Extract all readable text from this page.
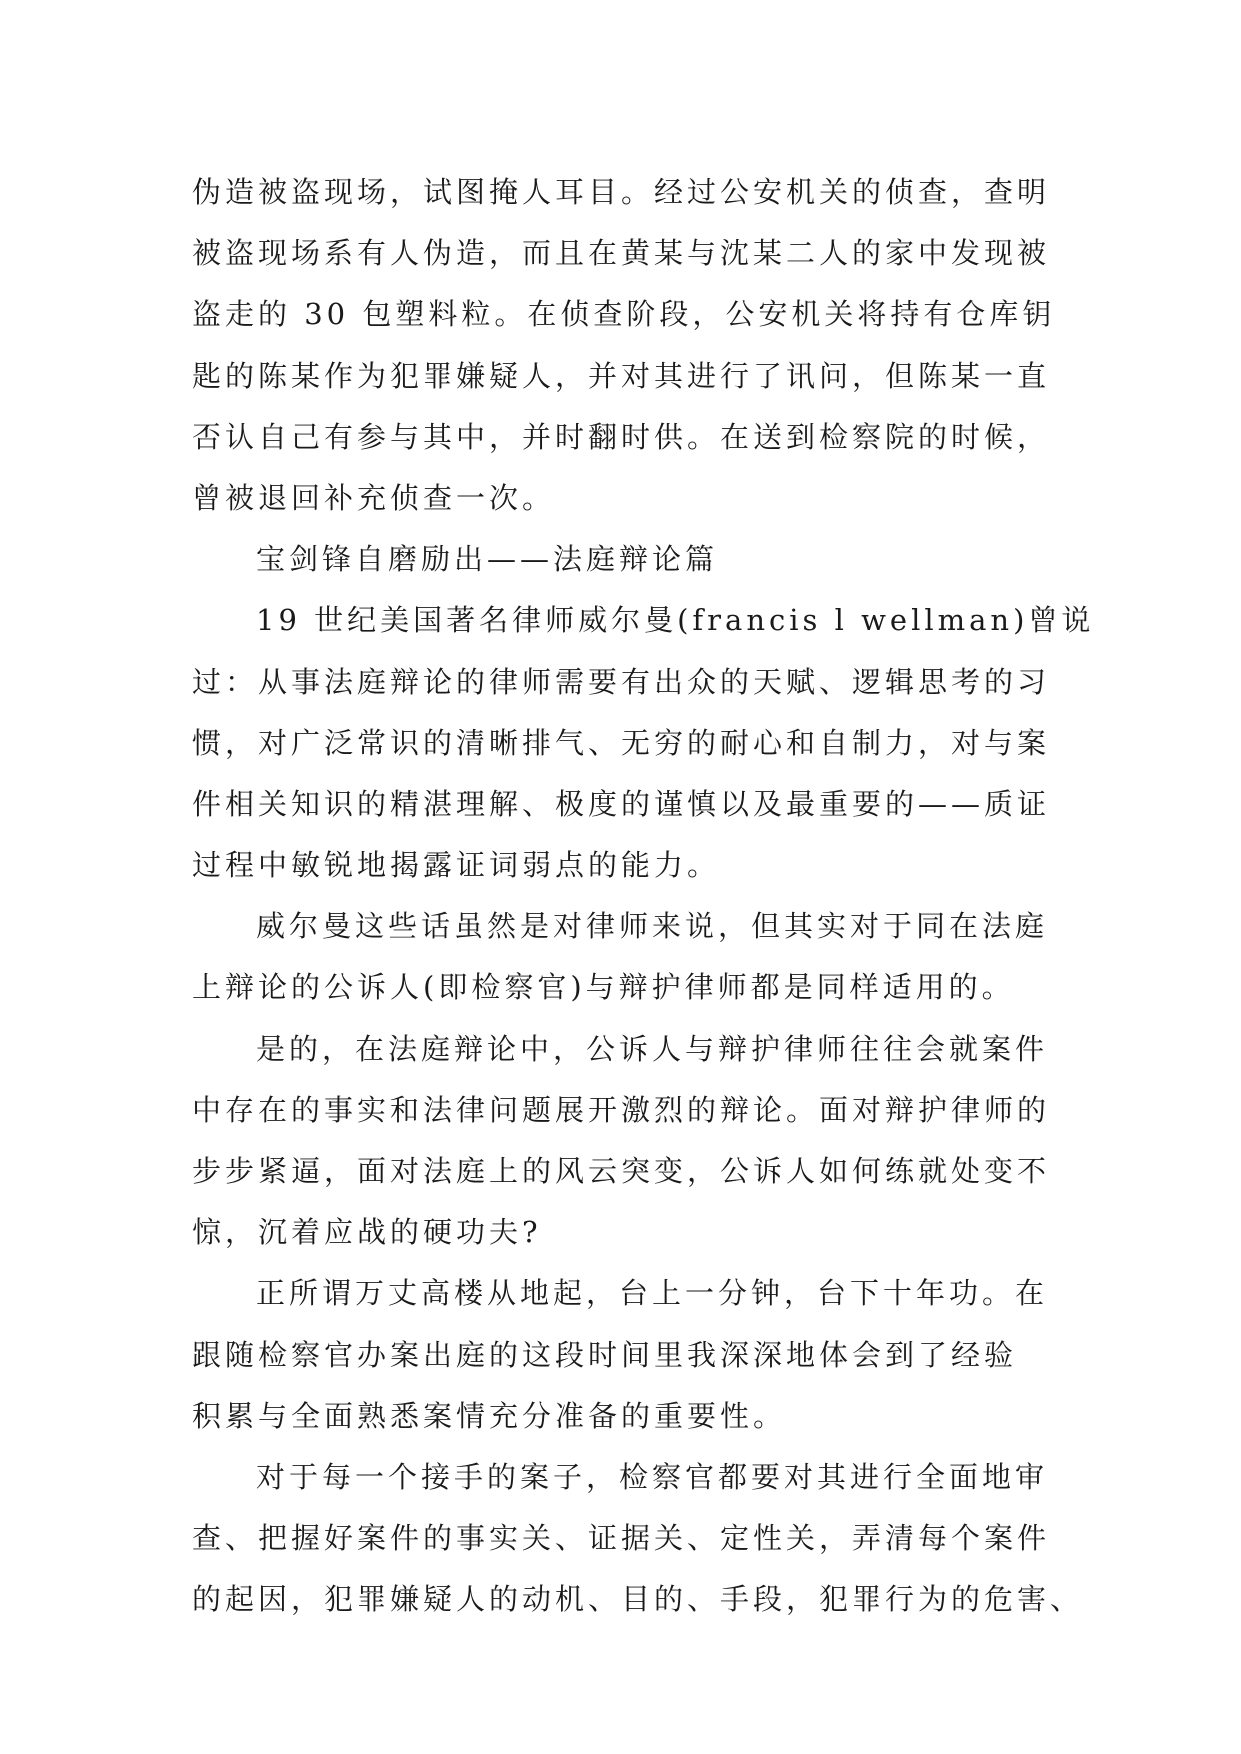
伪造被盗现场，试图掩人耳目。经过公安机关的侦查，查明
被盗现场系有人伪造，而且在黄某与沈某二人的家中发现被
盗走的 30 包塑料粒。在侦查阶段，公安机关将持有仓库钥
匙的陈某作为犯罪嫌疑人，并对其进行了讯问，但陈某一直
否认自己有参与其中，并时翻时供。在送到检察院的时候，
曾被退回补充侦查一次。
宝剑锋自磨励出——法庭辩论篇
19 世纪美国著名律师威尔曼(francis l wellman)曾说
过：从事法庭辩论的律师需要有出众的天赋、逻辑思考的习
惯，对广泛常识的清晰排气、无穷的耐心和自制力，对与案
件相关知识的精湛理解、极度的谨慎以及最重要的——质证
过程中敏锐地揭露证词弱点的能力。
威尔曼这些话虽然是对律师来说，但其实对于同在法庭
上辩论的公诉人(即检察官)与辩护律师都是同样适用的。
是的，在法庭辩论中，公诉人与辩护律师往往会就案件
中存在的事实和法律问题展开激烈的辩论。面对辩护律师的
步步紧逼，面对法庭上的风云突变，公诉人如何练就处变不
惊，沉着应战的硬功夫?
正所谓万丈高楼从地起，台上一分钟，台下十年功。在
跟随检察官办案出庭的这段时间里我深深地体会到了经验
积累与全面熟悉案情充分准备的重要性。
对于每一个接手的案子，检察官都要对其进行全面地审
查、把握好案件的事实关、证据关、定性关，弄清每个案件
的起因，犯罪嫌疑人的动机、目的、手段，犯罪行为的危害、
